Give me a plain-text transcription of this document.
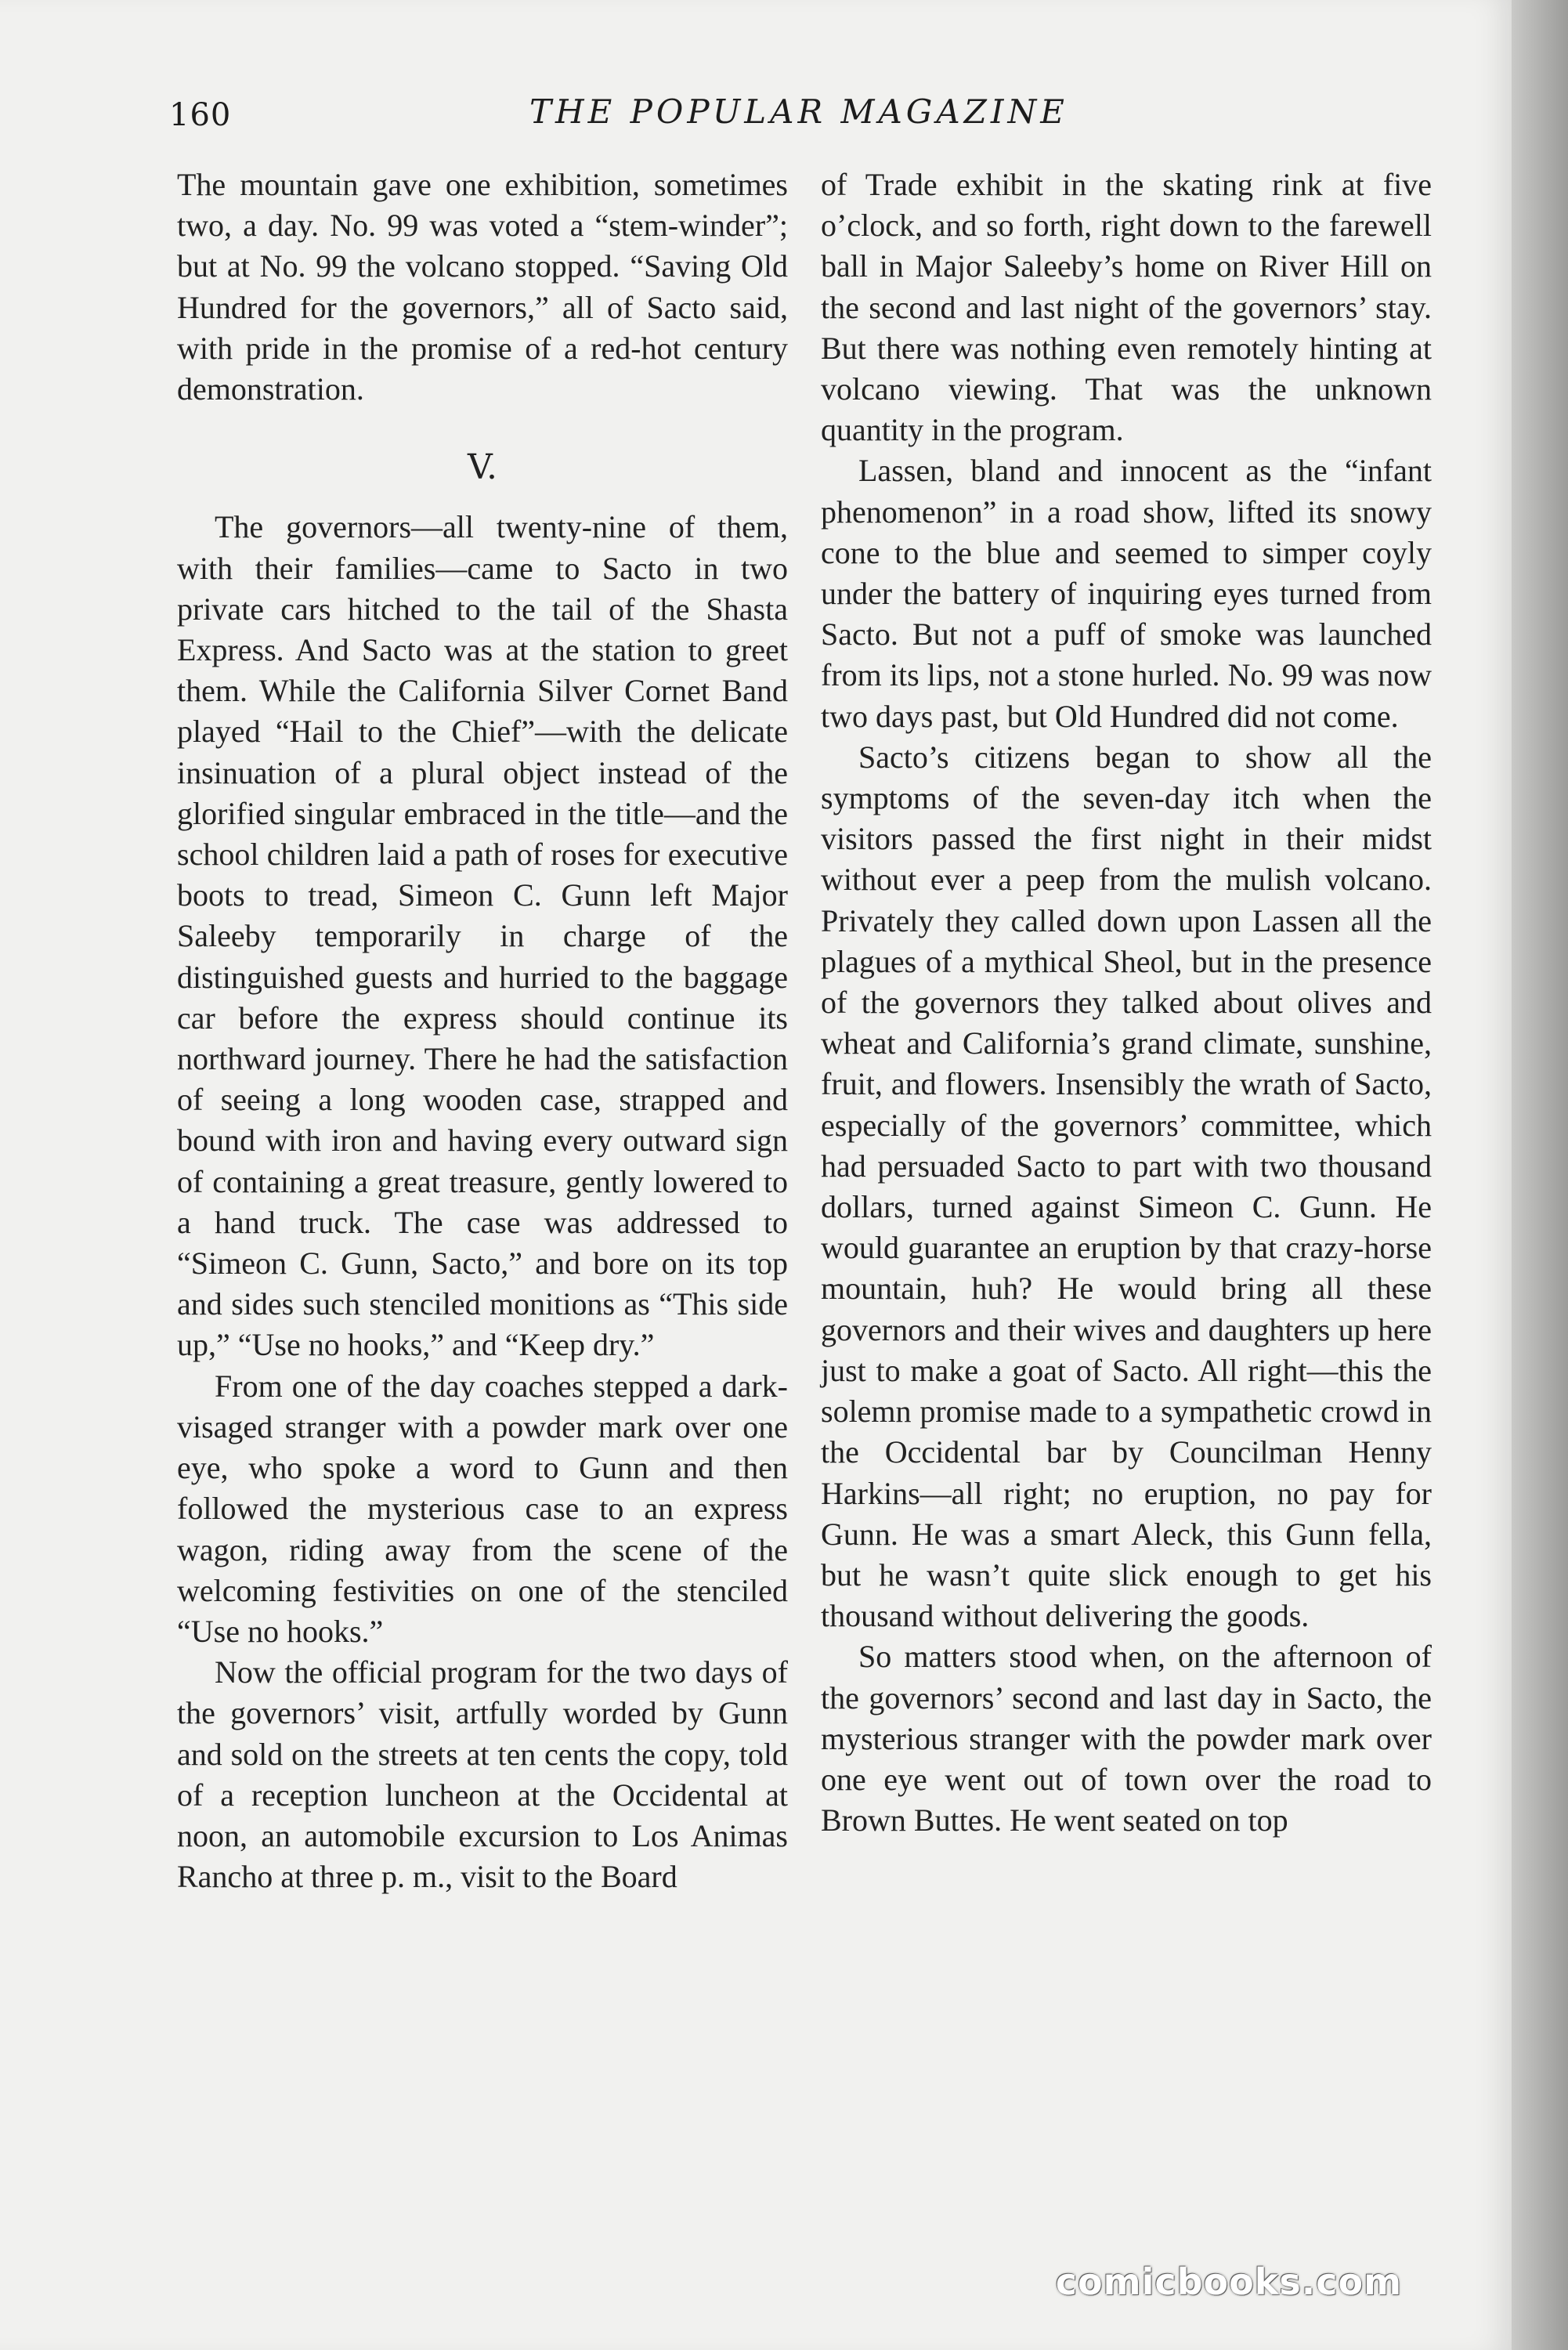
160	THE POPULAR MAGAZINE

The mountain gave one exhibition, sometimes two, a day. No. 99 was voted a “stem-winder”; but at No. 99 the volcano stopped. “Saving Old Hundred for the governors,” all of Sacto said, with pride in the promise of a red-hot century demonstration.

V.

The governors—all twenty-nine of them, with their families—came to Sacto in two private cars hitched to the tail of the Shasta Express. And Sacto was at the station to greet them. While the California Silver Cornet Band played “Hail to the Chief”—with the delicate insinuation of a plural object instead of the glorified singular embraced in the title—and the school children laid a path of roses for executive boots to tread, Simeon C. Gunn left Major Saleeby temporarily in charge of the distinguished guests and hurried to the baggage car before the express should continue its northward journey. There he had the satisfaction of seeing a long wooden case, strapped and bound with iron and having every outward sign of containing a great treasure, gently lowered to a hand truck. The case was addressed to “Simeon C. Gunn, Sacto,” and bore on its top and sides such stenciled monitions as “This side up,” “Use no hooks,” and “Keep dry.”

From one of the day coaches stepped a dark-visaged stranger with a powder mark over one eye, who spoke a word to Gunn and then followed the mysterious case to an express wagon, riding away from the scene of the welcoming festivities on one of the stenciled “Use no hooks.”

Now the official program for the two days of the governors’ visit, artfully worded by Gunn and sold on the streets at ten cents the copy, told of a reception luncheon at the Occidental at noon, an automobile excursion to Los Animas Rancho at three p. m., visit to the Board

of Trade exhibit in the skating rink at five o’clock, and so forth, right down to the farewell ball in Major Saleeby’s home on River Hill on the second and last night of the governors’ stay. But there was nothing even remotely hinting at volcano viewing. That was the unknown quantity in the program.

Lassen, bland and innocent as the “infant phenomenon” in a road show, lifted its snowy cone to the blue and seemed to simper coyly under the battery of inquiring eyes turned from Sacto. But not a puff of smoke was launched from its lips, not a stone hurled. No. 99 was now two days past, but Old Hundred did not come.

Sacto’s citizens began to show all the symptoms of the seven-day itch when the visitors passed the first night in their midst without ever a peep from the mulish volcano. Privately they called down upon Lassen all the plagues of a mythical Sheol, but in the presence of the governors they talked about olives and wheat and California’s grand climate, sunshine, fruit, and flowers. Insensibly the wrath of Sacto, especially of the governors’ committee, which had persuaded Sacto to part with two thousand dollars, turned against Simeon C. Gunn. He would guarantee an eruption by that crazy-horse mountain, huh? He would bring all these governors and their wives and daughters up here just to make a goat of Sacto. All right—this the solemn promise made to a sympathetic crowd in the Occidental bar by Councilman Henny Harkins—all right; no eruption, no pay for Gunn. He was a smart Aleck, this Gunn fella, but he wasn’t quite slick enough to get his thousand without delivering the goods.

So matters stood when, on the afternoon of the governors’ second and last day in Sacto, the mysterious stranger with the powder mark over one eye went out of town over the road to Brown Buttes. He went seated on top

comicbooks.com
